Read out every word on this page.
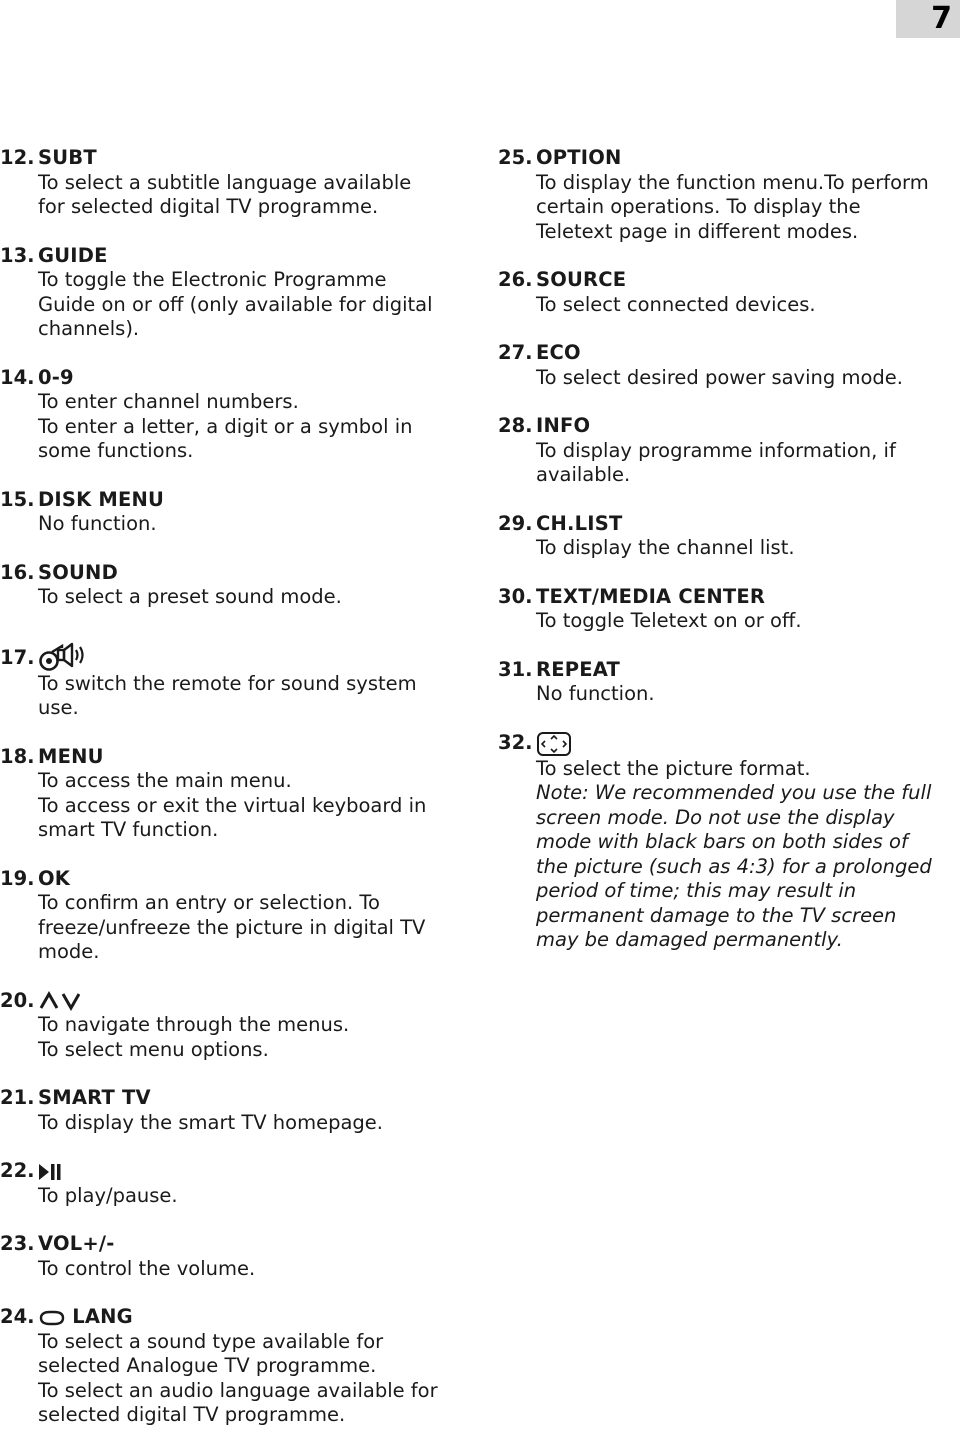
7
12. SUBT
To select a subtitle language available
for selected digital TV programme.
13. GUIDE
To toggle the Electronic Programme
Guide on or off (only available for digital
channels).
14. 0-9
To enter channel numbers.
To enter a letter, a digit or a symbol in
some functions.
15. DISK MENU
No function.
16. SOUND
To select a preset sound mode.
17.
To switch the remote for sound system
use.
18. MENU
To access the main menu.
To access or exit the virtual keyboard in
smart TV function.
19. OK
To confirm an entry or selection. To
freeze/unfreeze the picture in digital TV
mode.
20.
To navigate through the menus.
To select menu options.
21. SMART TV
To display the smart TV homepage.
22.
To play/pause.
23. VOL+/-
To control the volume.
24. LANG
To select a sound type available for
selected Analogue TV programme.
To select an audio language available for
selected digital TV programme.
25. OPTION
To display the function menu.To perform
certain operations. To display the
Teletext page in different modes.
26. SOURCE
To select connected devices.
27. ECO
To select desired power saving mode.
28. INFO
To display programme information, if
available.
29. CH.LIST
To display the channel list.
30. TEXT/MEDIA CENTER
To toggle Teletext on or off.
31. REPEAT
No function.
32.
To select the picture format.
Note: We recommended you use the full
screen mode. Do not use the display
mode with black bars on both sides of
the picture (such as 4:3) for a prolonged
period of time; this may result in
permanent damage to the TV screen
may be damaged permanently.
